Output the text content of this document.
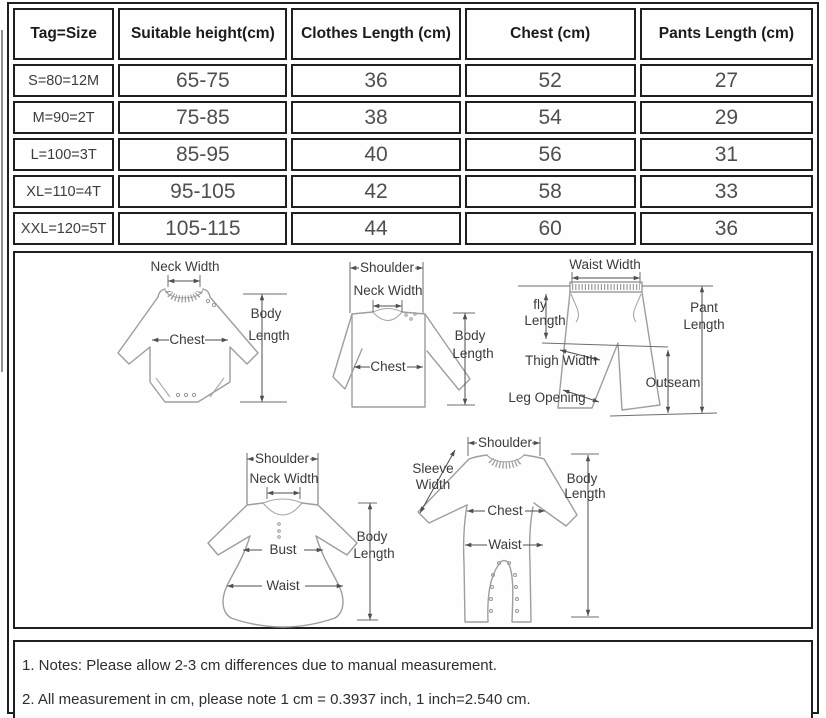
Tag=Size	Suitable height(cm)	Clothes Length (cm)	Chest (cm)	Pants Length (cm)
S=80=12M	65-75	36	52	27
M=90=2T	75-85	38	54	29
L=100=3T	85-95	40	56	31
XL=110=4T	95-105	42	58	33
XXL=120=5T	105-115	44	60	36
Neck Width
Chest
Body
Length
Shoulder
Neck Width
Chest
Body
Length
Waist Width
fly
Length
Thigh Width
Leg Opening
Outseam
Pant
Length
Shoulder
Neck Width
Bust
Waist
Body
Length
Shoulder
Sleeve
Width
Chest
Waist
Body
Length

1. Notes: Please allow 2-3 cm differences due to manual measurement.

2. All measurement in cm, please note 1 cm = 0.3937 inch, 1 inch=2.540 cm.
